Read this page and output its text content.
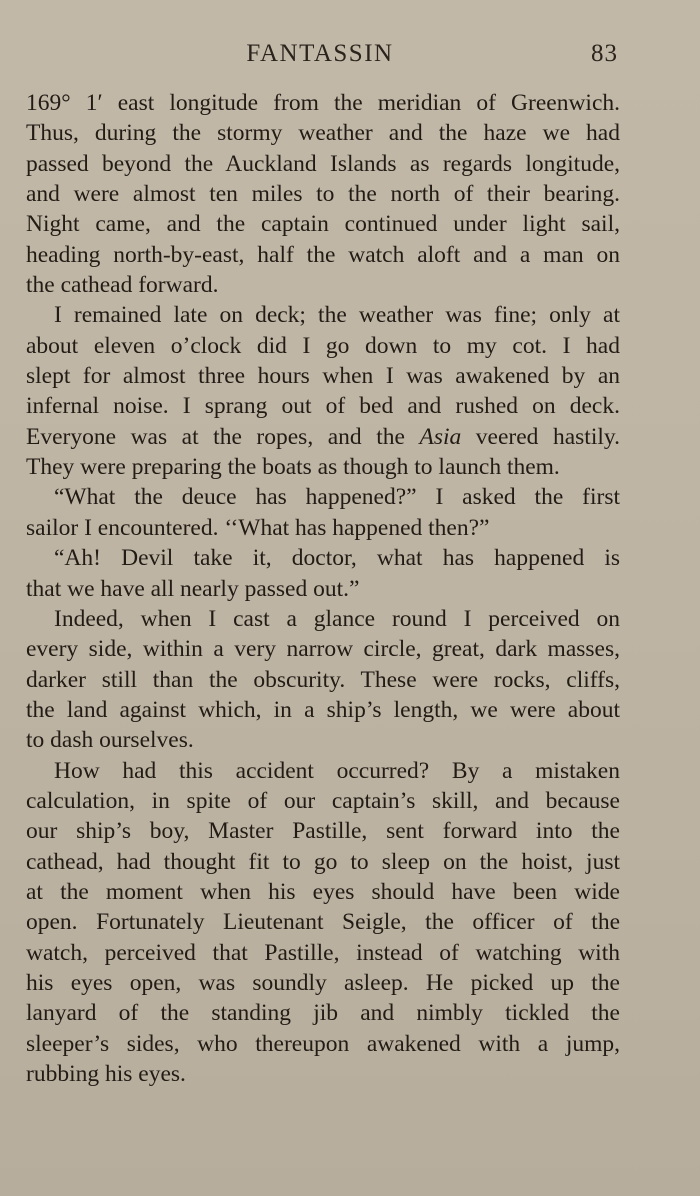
FANTASSIN	83
169° 1′ east longitude from the meridian of Greenwich.
Thus, during the stormy weather and the haze we had
passed beyond the Auckland Islands as regards longitude,
and were almost ten miles to the north of their bearing.
Night came, and the captain continued under light sail,
heading north-by-east, half the watch aloft and a man on
the cathead forward.
I remained late on deck; the weather was fine; only at
about eleven o’clock did I go down to my cot. I had
slept for almost three hours when I was awakened by an
infernal noise. I sprang out of bed and rushed on deck.
Everyone was at the ropes, and the Asia veered hastily.
They were preparing the boats as though to launch them.
“What the deuce has happened?” I asked the first
sailor I encountered. ‘‘What has happened then?”
“Ah! Devil take it, doctor, what has happened is
that we have all nearly passed out.”
Indeed, when I cast a glance round I perceived on
every side, within a very narrow circle, great, dark masses,
darker still than the obscurity. These were rocks, cliffs,
the land against which, in a ship’s length, we were about
to dash ourselves.
How had this accident occurred? By a mistaken
calculation, in spite of our captain’s skill, and because
our ship’s boy, Master Pastille, sent forward into the
cathead, had thought fit to go to sleep on the hoist, just
at the moment when his eyes should have been wide
open. Fortunately Lieutenant Seigle, the officer of the
watch, perceived that Pastille, instead of watching with
his eyes open, was soundly asleep. He picked up the
lanyard of the standing jib and nimbly tickled the
sleeper’s sides, who thereupon awakened with a jump,
rubbing his eyes.
